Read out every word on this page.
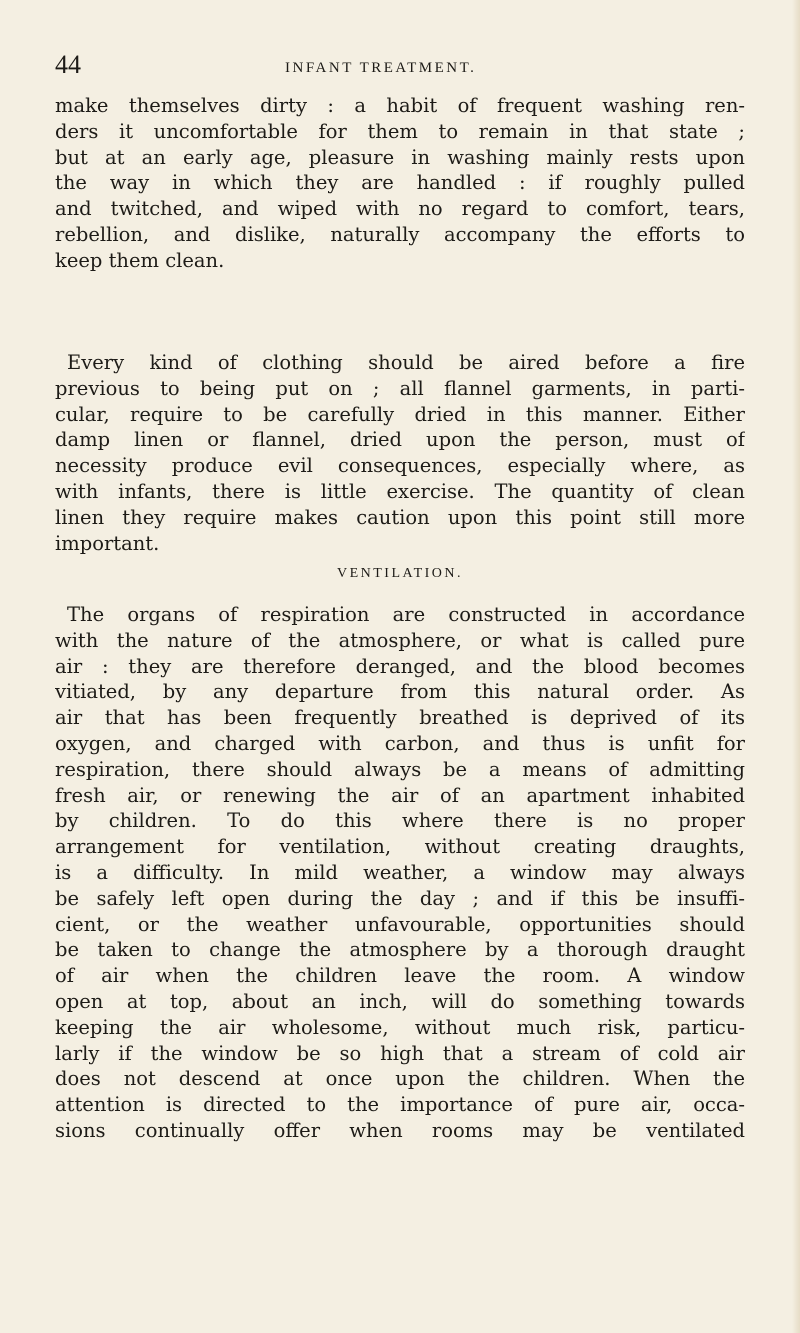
44	INFANT TREATMENT.
make themselves dirty : a habit of frequent washing ren-
ders it uncomfortable for them to remain in that state ;
but at an early age, pleasure in washing mainly rests upon
the way in which they are handled : if roughly pulled
and twitched, and wiped with no regard to comfort, tears,
rebellion, and dislike, naturally accompany the efforts to
keep them clean.
Every kind of clothing should be aired before a fire
previous to being put on ; all flannel garments, in parti-
cular, require to be carefully dried in this manner. Either
damp linen or flannel, dried upon the person, must of
necessity produce evil consequences, especially where, as
with infants, there is little exercise. The quantity of clean
linen they require makes caution upon this point still more
important.
VENTILATION.
The organs of respiration are constructed in accordance
with the nature of the atmosphere, or what is called pure
air : they are therefore deranged, and the blood becomes
vitiated, by any departure from this natural order. As
air that has been frequently breathed is deprived of its
oxygen, and charged with carbon, and thus is unfit for
respiration, there should always be a means of admitting
fresh air, or renewing the air of an apartment inhabited
by children. To do this where there is no proper
arrangement for ventilation, without creating draughts,
is a difficulty. In mild weather, a window may always
be safely left open during the day ; and if this be insuffi-
cient, or the weather unfavourable, opportunities should
be taken to change the atmosphere by a thorough draught
of air when the children leave the room. A window
open at top, about an inch, will do something towards
keeping the air wholesome, without much risk, particu-
larly if the window be so high that a stream of cold air
does not descend at once upon the children. When the
attention is directed to the importance of pure air, occa-
sions continually offer when rooms may be ventilated
